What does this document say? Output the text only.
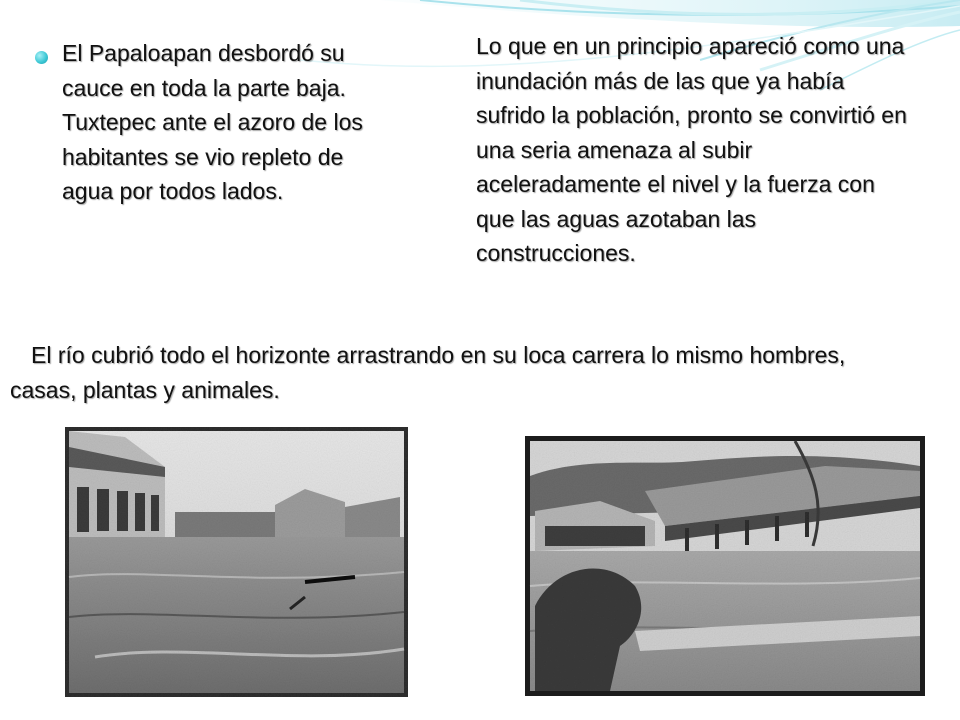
El Papaloapan desbordó su cauce en toda la parte baja. Tuxtepec ante el azoro de los habitantes se vio repleto de agua por todos lados.

Lo que en un principio apareció como una inundación más de las que ya había sufrido la población, pronto se convirtió en una seria amenaza al subir aceleradamente el nivel y la fuerza con que las aguas azotaban las construcciones.

El río cubrió todo el horizonte arrastrando en su loca carrera lo mismo hombres, casas, plantas y animales.
